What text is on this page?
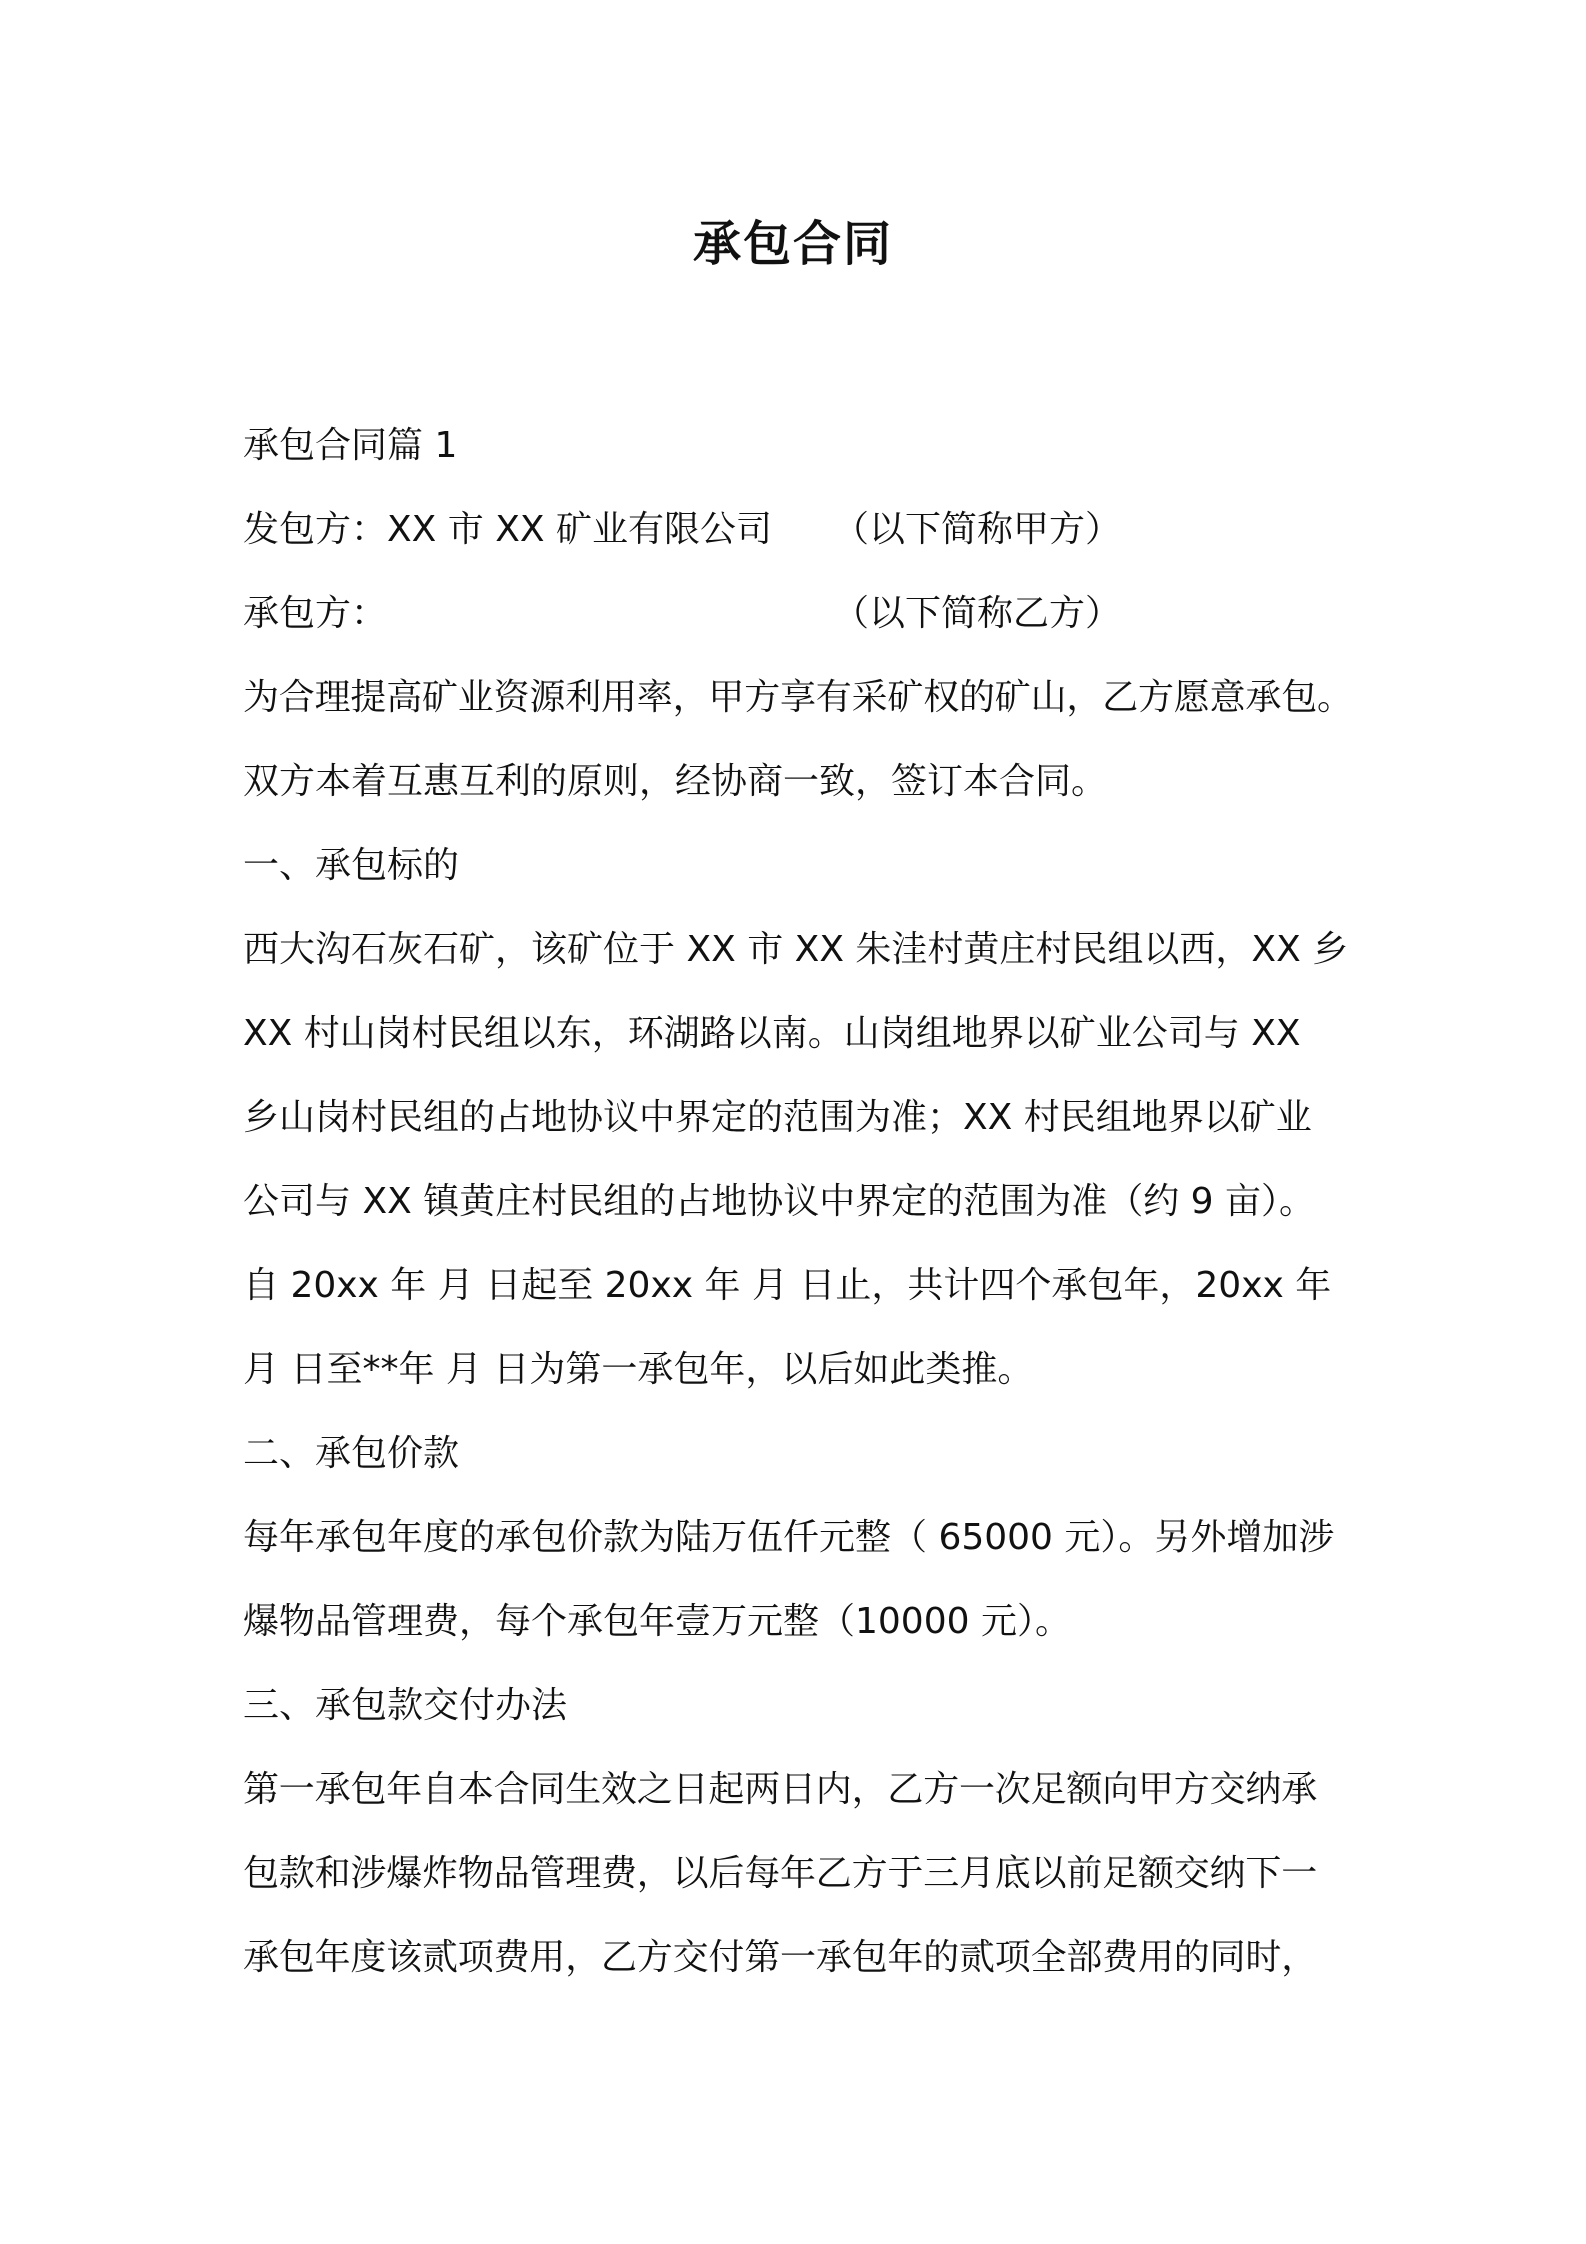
承包合同
承包合同篇 1
发包方：XX 市 XX 矿业有限公司 （以下简称甲方）
承包方：	（以下简称乙方）
为合理提高矿业资源利用率，甲方享有采矿权的矿山，乙方愿意承包。
双方本着互惠互利的原则，经协商一致，签订本合同。
一、承包标的
西大沟石灰石矿，该矿位于 XX 市 XX 朱洼村黄庄村民组以西，XX 乡
XX 村山岗村民组以东，环湖路以南。山岗组地界以矿业公司与 XX
乡山岗村民组的占地协议中界定的范围为准；XX 村民组地界以矿业
公司与 XX 镇黄庄村民组的占地协议中界定的范围为准（约 9 亩）。
自 20xx 年 月 日起至 20xx 年 月 日止，共计四个承包年，20xx 年
月 日至**年 月 日为第一承包年，以后如此类推。
二、承包价款
每年承包年度的承包价款为陆万伍仟元整（ 65000 元）。另外增加涉
爆物品管理费，每个承包年壹万元整（10000 元）。
三、承包款交付办法
第一承包年自本合同生效之日起两日内，乙方一次足额向甲方交纳承
包款和涉爆炸物品管理费，以后每年乙方于三月底以前足额交纳下一
承包年度该贰项费用，乙方交付第一承包年的贰项全部费用的同时，
